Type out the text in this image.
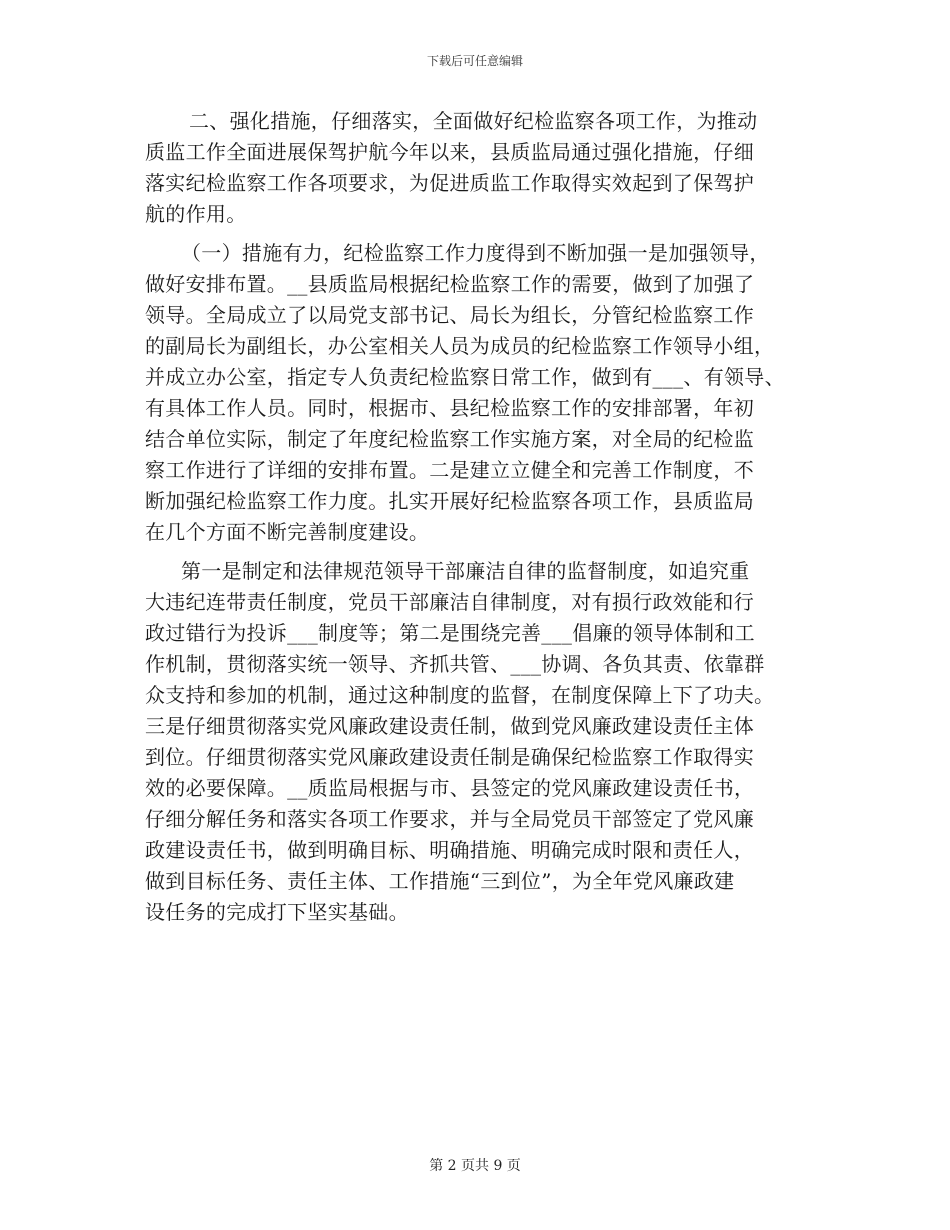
下载后可任意编辑
二、强化措施，仔细落实，全面做好纪检监察各项工作，为推动
质监工作全面进展保驾护航今年以来，县质监局通过强化措施，仔细
落实纪检监察工作各项要求，为促进质监工作取得实效起到了保驾护
航的作用。
（一）措施有力，纪检监察工作力度得到不断加强一是加强领导，
做好安排布置。__县质监局根据纪检监察工作的需要，做到了加强了
领导。全局成立了以局党支部书记、局长为组长，分管纪检监察工作
的副局长为副组长，办公室相关人员为成员的纪检监察工作领导小组，
并成立办公室，指定专人负责纪检监察日常工作，做到有___、有领导、
有具体工作人员。同时，根据市、县纪检监察工作的安排部署，年初
结合单位实际，制定了年度纪检监察工作实施方案，对全局的纪检监
察工作进行了详细的安排布置。二是建立立健全和完善工作制度，不
断加强纪检监察工作力度。扎实开展好纪检监察各项工作，县质监局
在几个方面不断完善制度建设。
第一是制定和法律规范领导干部廉洁自律的监督制度，如追究重
大违纪连带责任制度，党员干部廉洁自律制度，对有损行政效能和行
政过错行为投诉___制度等；第二是围绕完善___倡廉的领导体制和工
作机制，贯彻落实统一领导、齐抓共管、___协调、各负其责、依靠群
众支持和参加的机制，通过这种制度的监督，在制度保障上下了功夫。
三是仔细贯彻落实党风廉政建设责任制，做到党风廉政建设责任主体
到位。仔细贯彻落实党风廉政建设责任制是确保纪检监察工作取得实
效的必要保障。__质监局根据与市、县签定的党风廉政建设责任书，
仔细分解任务和落实各项工作要求，并与全局党员干部签定了党风廉
政建设责任书，做到明确目标、明确措施、明确完成时限和责任人，
做到目标任务、责任主体、工作措施“三到位”，为全年党风廉政建
设任务的完成打下坚实基础。
第 2 页共 9 页
